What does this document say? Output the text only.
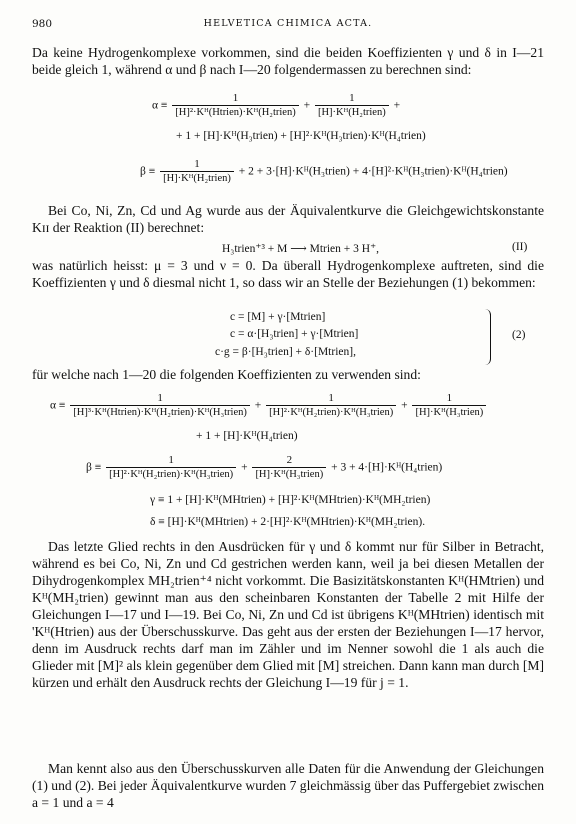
980	HELVETICA CHIMICA ACTA.
Da keine Hydrogenkomplexe vorkommen, sind die beiden Koeffizienten γ und δ in I—21 beide gleich 1, während α und β nach I—20 folgendermassen zu berechnen sind:
$\alpha \equiv \frac{1}{\text{[H]²·Kᴴ(Htrien)·Kᴴ(H₂trien)}} + \frac{1}{\text{[H]·Kᴴ(H₂trien)}}$ +
+ 1 + [H]·Kᴴ(H₃trien) + [H]²·Kᴴ(H₃trien)·Kᴴ(H₄trien)
$\beta \equiv \frac{1}{\text{[H]·Kᴴ(H₂trien)}} + 2$ + 3·[H]·Kᴴ(H₃trien) + 4·[H]²·Kᴴ(H₃trien)·Kᴴ(H₄trien)
Bei Co, Ni, Zn, Cd und Ag wurde aus der Äquivalentkurve die Gleichgewichtskonstante Kɪɪ der Reaktion (II) berechnet:
H₃trien⁺³ + M ⟶ Mtrien + 3 H⁺,	(II)
was natürlich heisst: μ = 3 und ν = 0. Da überall Hydrogenkomplexe auftreten, sind die Koeffizienten γ und δ diesmal nicht 1, so dass wir an Stelle der Beziehungen (1) bekommen:
c = [M] + γ·[Mtrien]
c = α·[H₃trien] + γ·[Mtrien]
c·g = β·[H₃trien] + δ·[Mtrien],
(2)
für welche nach 1—20 die folgenden Koeffizienten zu verwenden sind:
$\alpha \equiv \frac{1}{\text{[H]³·Kᴴ(Htrien)·Kᴴ(H₂trien)·Kᴴ(H₃trien)}} + \frac{1}{\text{[H]²·Kᴴ(H₂trien)·Kᴴ(H₃trien)}} + \frac{1}{\text{[H]·Kᴴ(H₃trien)}}$
+ 1 + [H]·Kᴴ(H₄trien)
$\beta \equiv \frac{1}{\text{[H]²·Kᴴ(H₂trien)·Kᴴ(H₃trien)}} + \frac{2}{\text{[H]·Kᴴ(H₃trien)}} + 3$ + 4·[H]·Kᴴ(H₄trien)
γ ≡ 1 + [H]·Kᴴ(MHtrien) + [H]²·Kᴴ(MHtrien)·Kᴴ(MH₂trien)
δ ≡ [H]·Kᴴ(MHtrien) + 2·[H]²·Kᴴ(MHtrien)·Kᴴ(MH₂trien).
Das letzte Glied rechts in den Ausdrücken für γ und δ kommt nur für Silber in Betracht, während es bei Co, Ni, Zn und Cd gestrichen werden kann, weil ja bei diesen Metallen der Dihydrogenkomplex MH₂trien⁺⁴ nicht vorkommt. Die Basizitätskonstanten Kᴴ(HMtrien) und Kᴴ(MH₂trien) gewinnt man aus den scheinbaren Konstanten der Tabelle 2 mit Hilfe der Gleichungen I—17 und I—19. Bei Co, Ni, Zn und Cd ist übrigens Kᴴ(MHtrien) identisch mit 'Kᴴ(Htrien) aus der Überschusskurve. Das geht aus der ersten der Beziehungen I—17 hervor, denn im Ausdruck rechts darf man im Zähler und im Nenner sowohl die 1 als auch die Glieder mit [M]² als klein gegenüber dem Glied mit [M] streichen. Dann kann man durch [M] kürzen und erhält den Ausdruck rechts der Gleichung I—19 für j = 1.
Man kennt also aus den Überschusskurven alle Daten für die Anwendung der Gleichungen (1) und (2). Bei jeder Äquivalentkurve wurden 7 gleichmässig über das Puffergebiet zwischen a = 1 und a = 4
